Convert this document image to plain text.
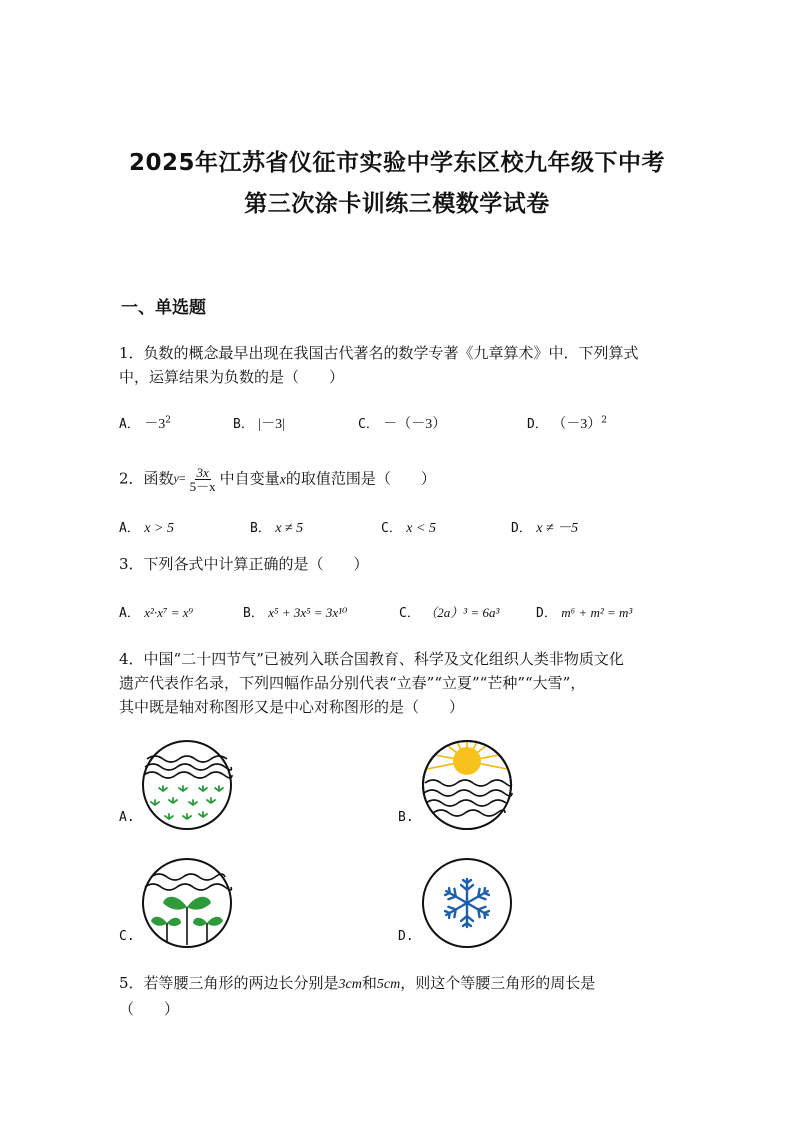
2025年江苏省仪征市实验中学东区校九年级下中考
第三次涂卡训练三模数学试卷
一、单选题
1．负数的概念最早出现在我国古代著名的数学专著《九章算术》中．下列算式
中，运算结果为负数的是（　　）
A． $-3^2$	B． |－3|	C． －（－3）	D． $(-3)^2$
2．函数$^{y=} \frac{3x}{5-x}$ 中自变量x的取值范围是（　　）
A． x > 5	B． x ≠ 5	C． x < 5	D． x ≠ －5
3．下列各式中计算正确的是（　　）
A． x²·x⁷ = x⁹	B． x⁵ + 3x⁵ = 3x¹⁰	C． （2a）³ = 6a³	D． m⁶ + m² = m³
4．中国“二十四节气”已被列入联合国教育、科学及文化组织人类非物质文化
遗产代表作名录，下列四幅作品分别代表“立春”“立夏”“芒种”“大雪”，
其中既是轴对称图形又是中心对称图形的是（　　）
A.	B.
C.	D.
5．若等腰三角形的两边长分别是3cm和5cm，则这个等腰三角形的周长是
（　　）
